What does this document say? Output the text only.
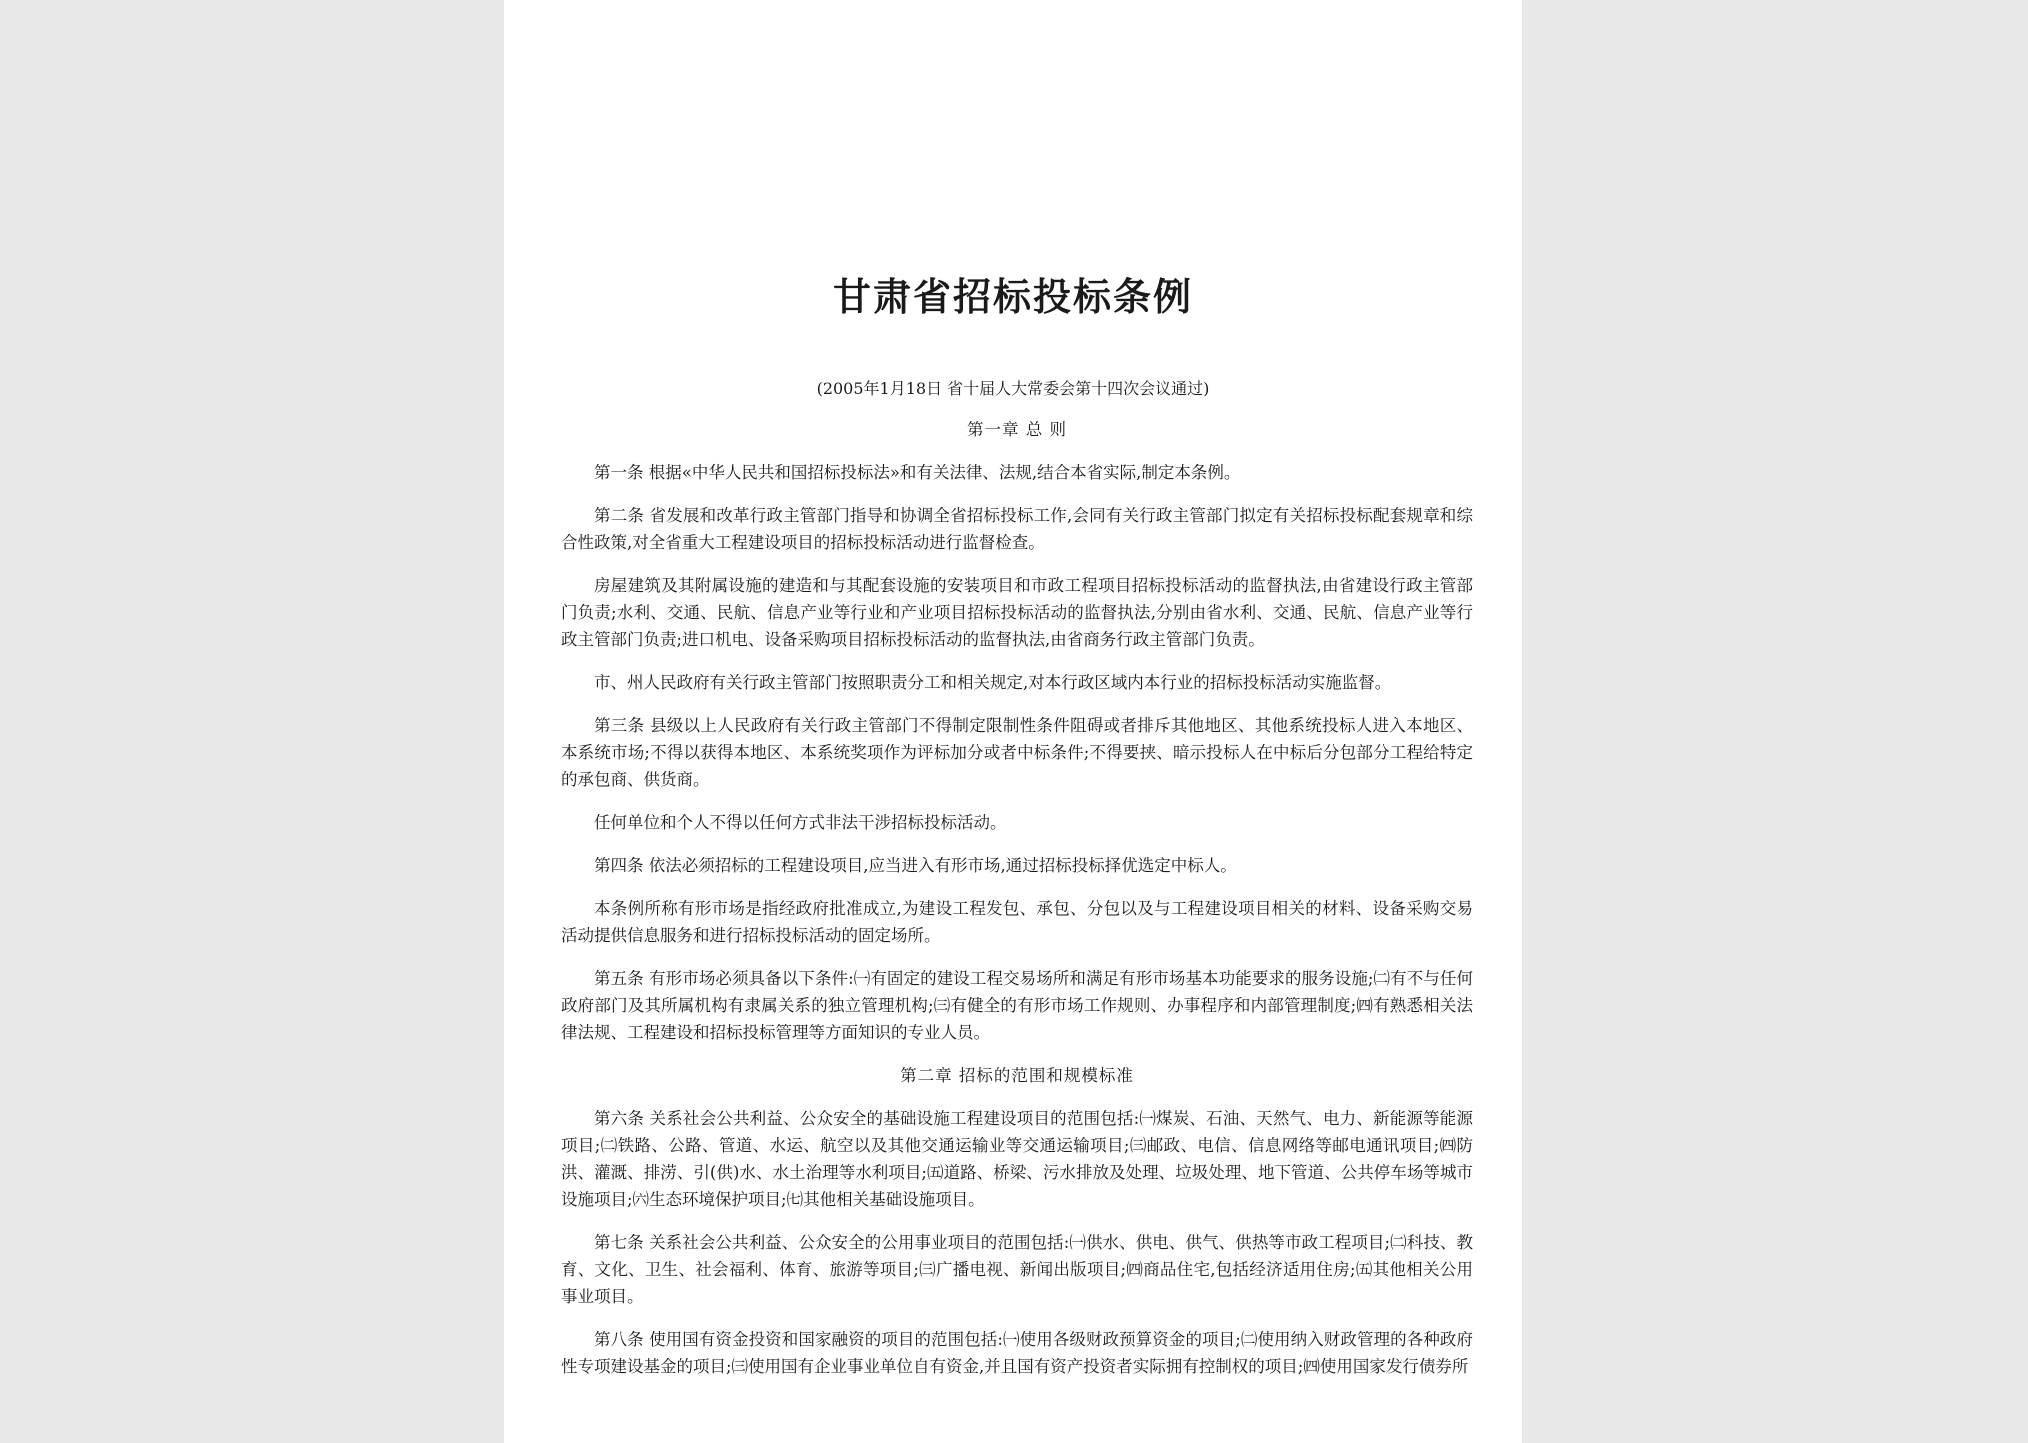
甘肃省招标投标条例

(2005年1月18日 省十届人大常委会第十四次会议通过)

第一章 总 则

第一条 根据«中华人民共和国招标投标法»和有关法律、法规,结合本省实际,制定本条例。

第二条 省发展和改革行政主管部门指导和协调全省招标投标工作,会同有关行政主管部门拟定有关招标投标配套规章和综合性政策,对全省重大工程建设项目的招标投标活动进行监督检查。

房屋建筑及其附属设施的建造和与其配套设施的安装项目和市政工程项目招标投标活动的监督执法,由省建设行政主管部门负责;水利、交通、民航、信息产业等行业和产业项目招标投标活动的监督执法,分别由省水利、交通、民航、信息产业等行政主管部门负责;进口机电、设备采购项目招标投标活动的监督执法,由省商务行政主管部门负责。

市、州人民政府有关行政主管部门按照职责分工和相关规定,对本行政区域内本行业的招标投标活动实施监督。

第三条 县级以上人民政府有关行政主管部门不得制定限制性条件阻碍或者排斥其他地区、其他系统投标人进入本地区、本系统市场;不得以获得本地区、本系统奖项作为评标加分或者中标条件;不得要挟、暗示投标人在中标后分包部分工程给特定的承包商、供货商。

任何单位和个人不得以任何方式非法干涉招标投标活动。

第四条 依法必须招标的工程建设项目,应当进入有形市场,通过招标投标择优选定中标人。

本条例所称有形市场是指经政府批准成立,为建设工程发包、承包、分包以及与工程建设项目相关的材料、设备采购交易活动提供信息服务和进行招标投标活动的固定场所。

第五条 有形市场必须具备以下条件:㈠有固定的建设工程交易场所和满足有形市场基本功能要求的服务设施;㈡有不与任何政府部门及其所属机构有隶属关系的独立管理机构;㈢有健全的有形市场工作规则、办事程序和内部管理制度;㈣有熟悉相关法律法规、工程建设和招标投标管理等方面知识的专业人员。

第二章 招标的范围和规模标准

第六条 关系社会公共利益、公众安全的基础设施工程建设项目的范围包括:㈠煤炭、石油、天然气、电力、新能源等能源项目;㈡铁路、公路、管道、水运、航空以及其他交通运输业等交通运输项目;㈢邮政、电信、信息网络等邮电通讯项目;㈣防洪、灌溉、排涝、引(供)水、水土治理等水利项目;㈤道路、桥梁、污水排放及处理、垃圾处理、地下管道、公共停车场等城市设施项目;㈥生态环境保护项目;㈦其他相关基础设施项目。

第七条 关系社会公共利益、公众安全的公用事业项目的范围包括:㈠供水、供电、供气、供热等市政工程项目;㈡科技、教育、文化、卫生、社会福利、体育、旅游等项目;㈢广播电视、新闻出版项目;㈣商品住宅,包括经济适用住房;㈤其他相关公用事业项目。

第八条 使用国有资金投资和国家融资的项目的范围包括:㈠使用各级财政预算资金的项目;㈡使用纳入财政管理的各种政府性专项建设基金的项目;㈢使用国有企业事业单位自有资金,并且国有资产投资者实际拥有控制权的项目;㈣使用国家发行债券所
